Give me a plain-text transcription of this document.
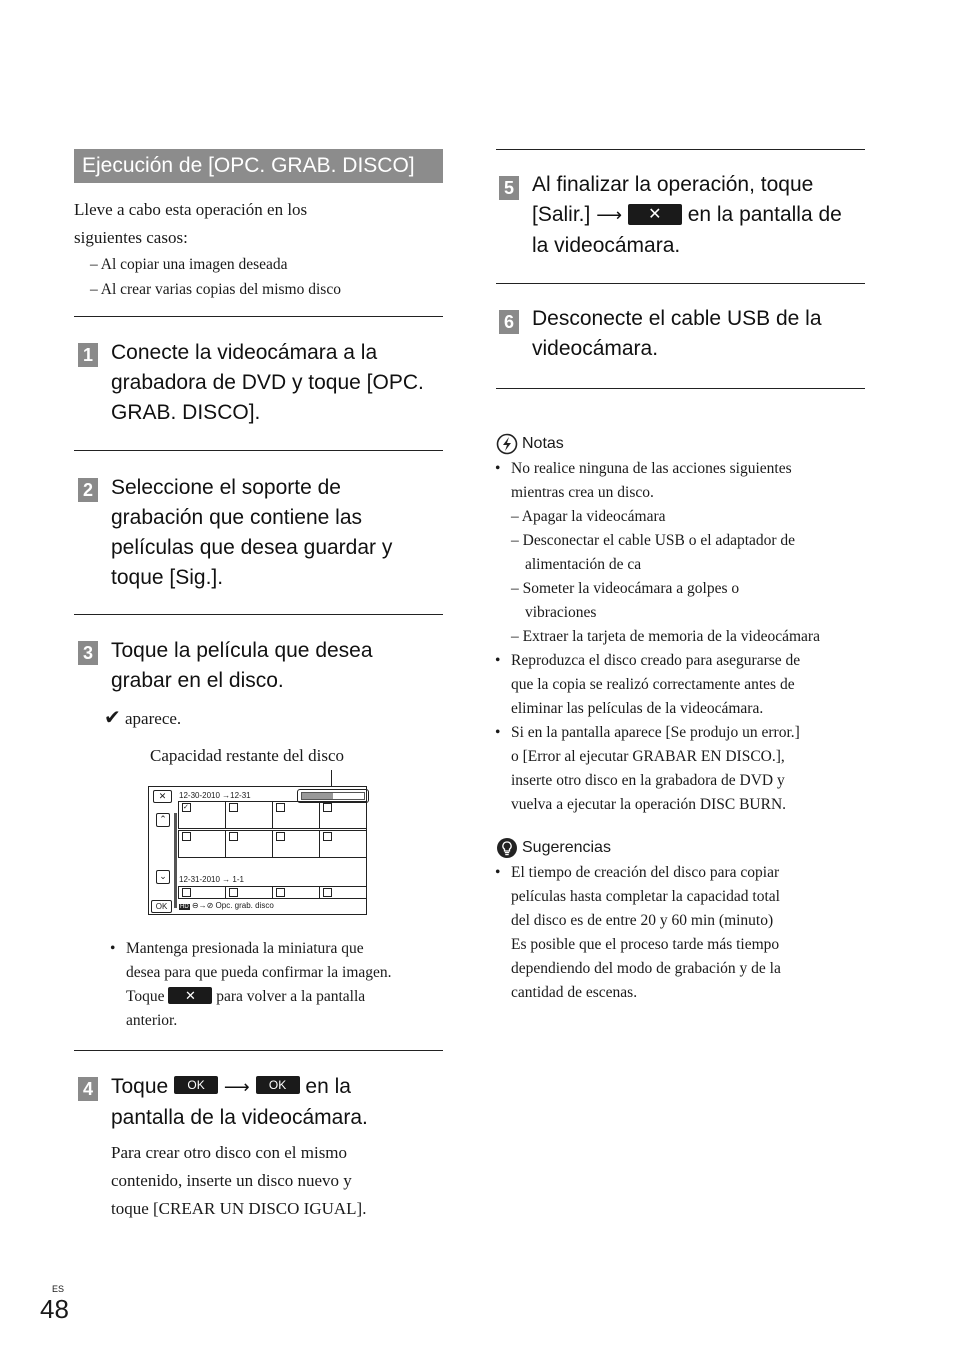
Ejecución de [OPC. GRAB. DISCO]
Lleve a cabo esta operación en los
siguientes casos:
– Al copiar una imagen deseada
– Al crear varias copias del mismo disco
1 Conecte la videocámara a la
grabadora de DVD y toque [OPC.
GRAB. DISCO].
2 Seleccione el soporte de
grabación que contiene las
películas que desea guardar y
toque [Sig.].
3 Toque la película que desea
grabar en el disco.
✔ aparece.
Capacidad restante del disco
✕	12-30-2010 →12-31
⌃
⌄
✓
12-31-2010 → 1-1
OK	HD ⊖→⊘ Opc. grab. disco
• Mantenga presionada la miniatura que
desea para que pueda confirmar la imagen.
Toque ✕ para volver a la pantalla
anterior.
4 Toque OK ⟶ OK en la
pantalla de la videocámara.
Para crear otro disco con el mismo
contenido, inserte un disco nuevo y
toque [CREAR UN DISCO IGUAL].
5 Al finalizar la operación, toque
[Salir.] ⟶ ✕ en la pantalla de
la videocámara.
6 Desconecte el cable USB de la
videocámara.
Notas
• No realice ninguna de las acciones siguientes
mientras crea un disco.
– Apagar la videocámara
– Desconectar el cable USB o el adaptador de
alimentación de ca
– Someter la videocámara a golpes o
vibraciones
– Extraer la tarjeta de memoria de la videocámara
• Reproduzca el disco creado para asegurarse de
que la copia se realizó correctamente antes de
eliminar las películas de la videocámara.
• Si en la pantalla aparece [Se produjo un error.]
o [Error al ejecutar GRABAR EN DISCO.],
inserte otro disco en la grabadora de DVD y
vuelva a ejecutar la operación DISC BURN.
Sugerencias
• El tiempo de creación del disco para copiar
películas hasta completar la capacidad total
del disco es de entre 20 y 60 min (minuto)
Es posible que el proceso tarde más tiempo
dependiendo del modo de grabación y de la
cantidad de escenas.
ES
48
